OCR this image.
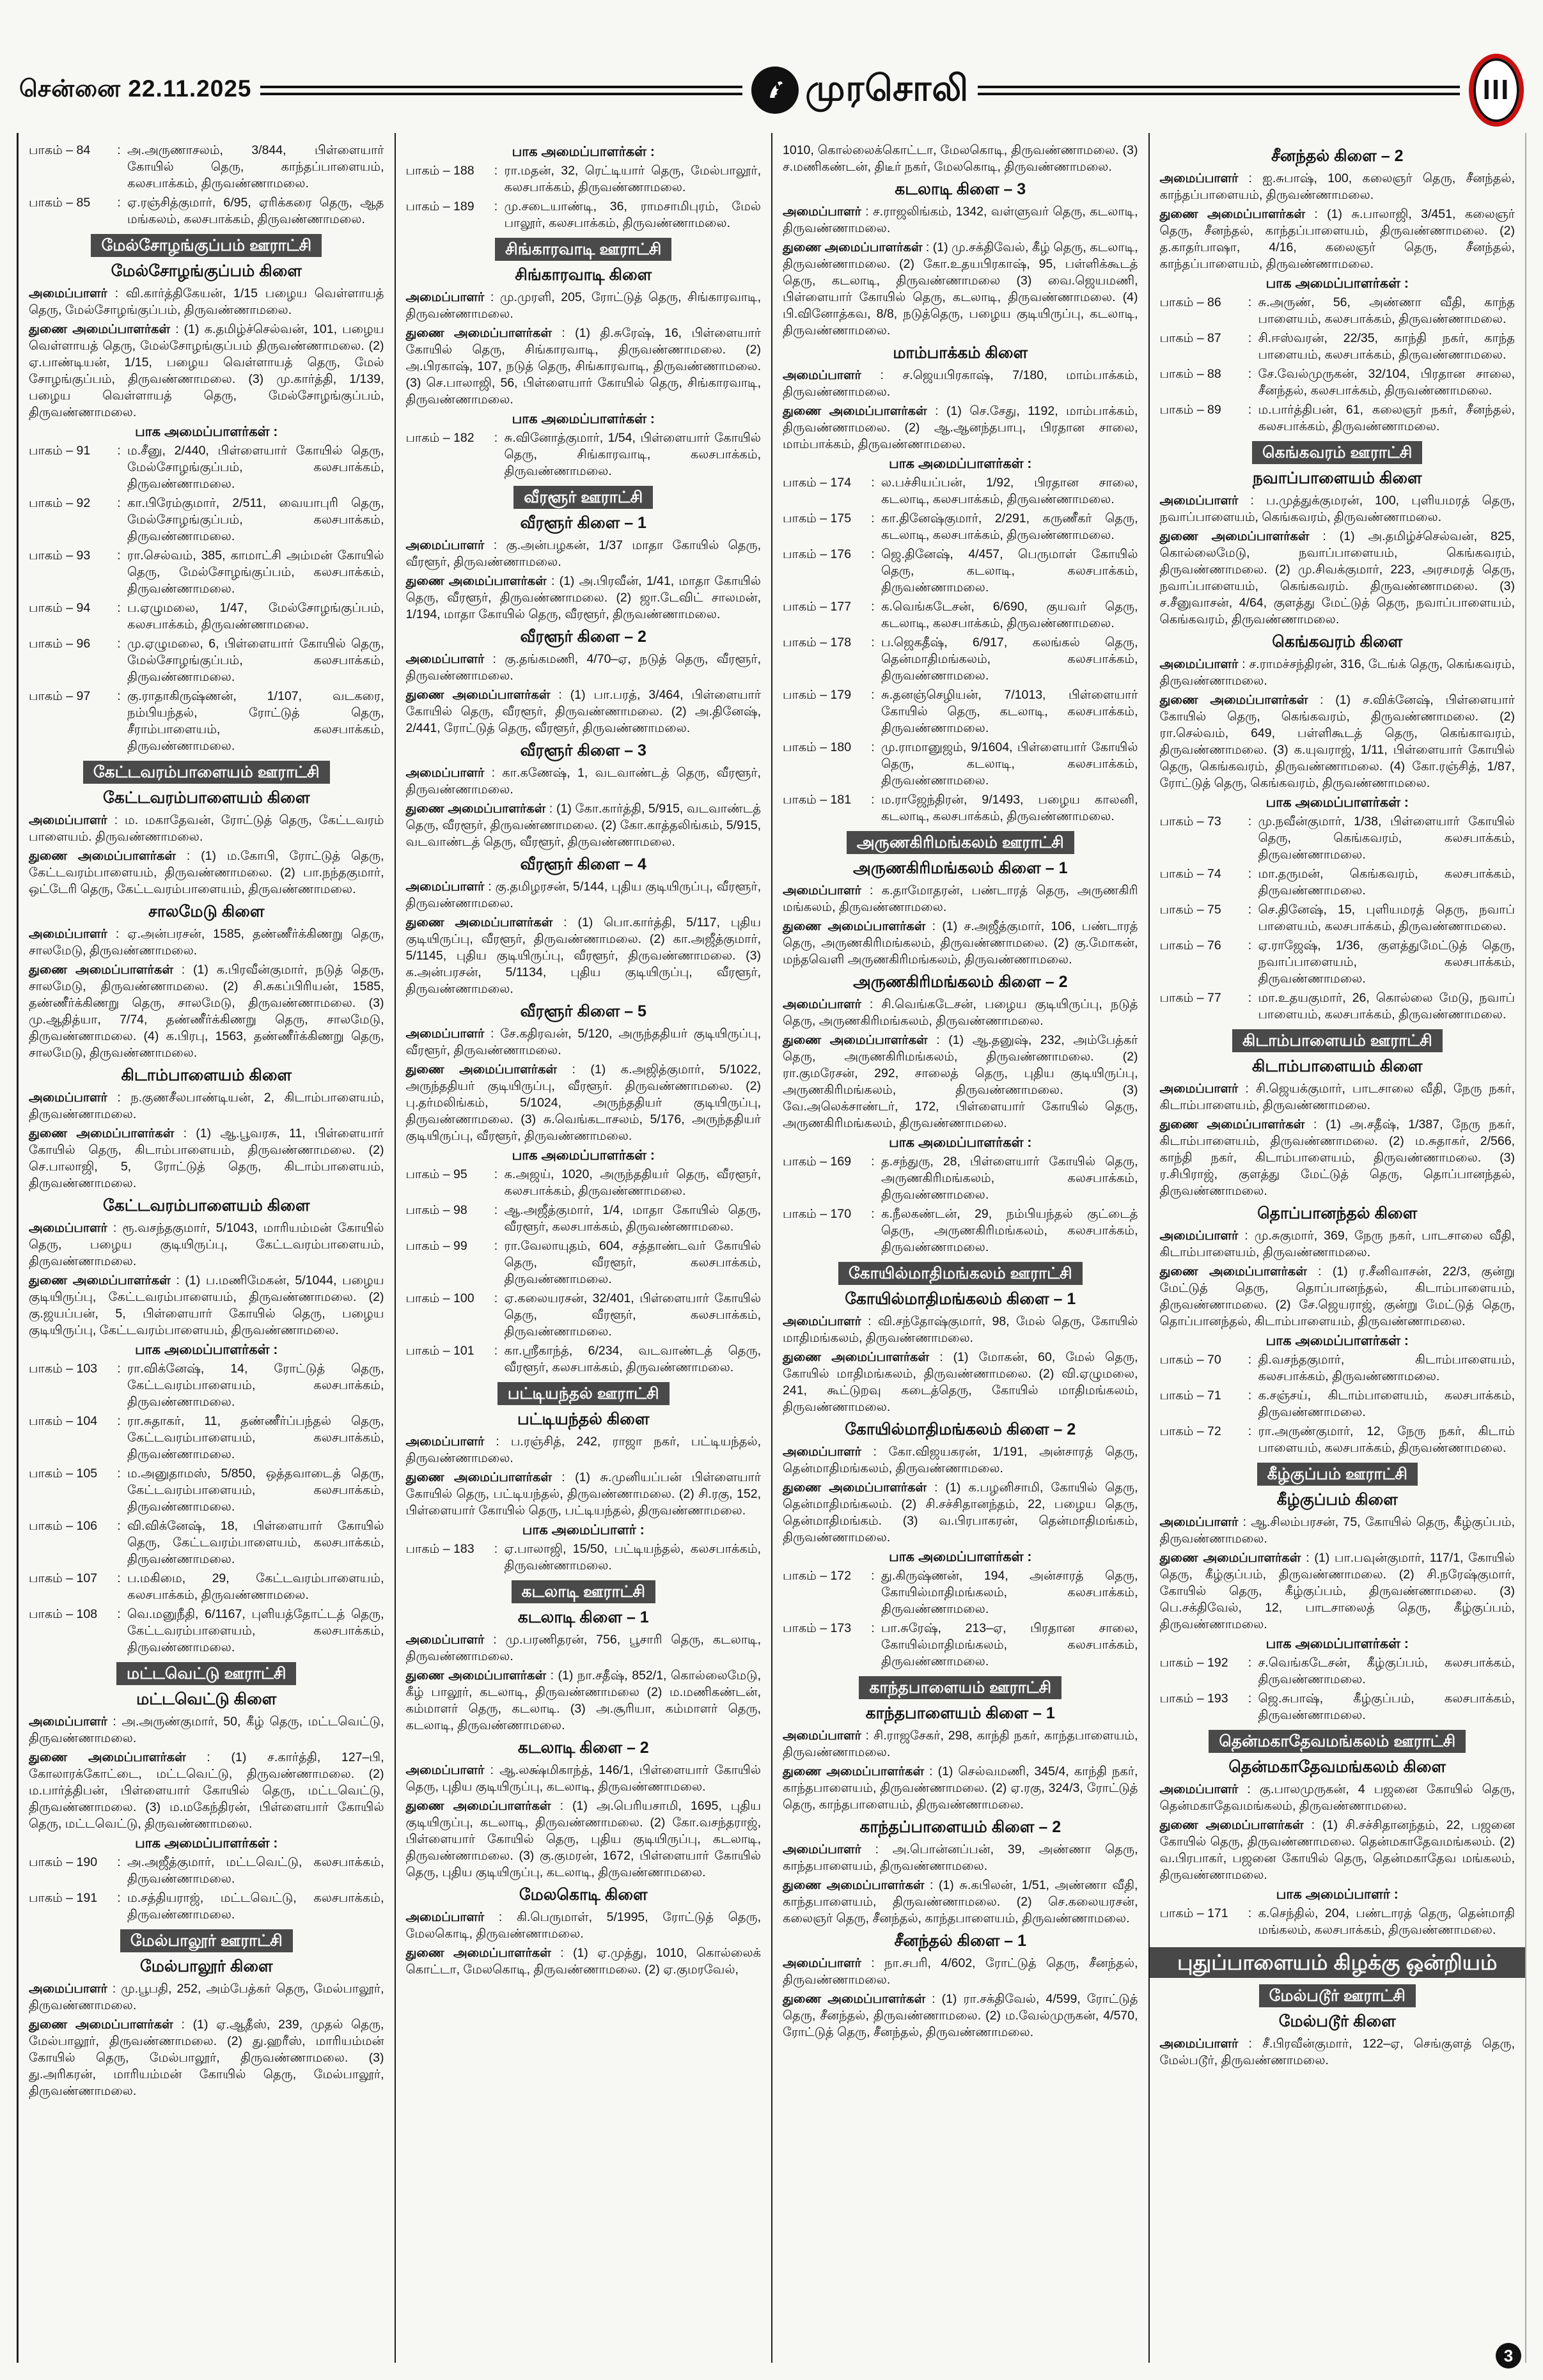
சென்னை 22.11.2025	முரசொலி	III
பாகம் – 84	: அ.அருணாசலம், 3/844, பிள்ளையார் கோயில் தெரு, காந்தப்பாளையம், கலசபாக்கம், திருவண்ணாமலை.
பாகம் – 85	: ஏ.ரஞ்சித்குமார், 6/95, ஏரிக்கரை தெரு, ஆத மங்கலம், கலசபாக்கம், திருவண்ணாமலை.
மேல்சோழங்குப்பம் ஊராட்சி
மேல்சோழங்குப்பம் கிளை

அமைப்பாளர் : வி.கார்த்திகேயன், 1/15 பழைய வெள்ளாயத் தெரு, மேல்சோழங்குப்பம், திருவண்ணாமலை.

துணை அமைப்பாளர்கள் : (1) க.தமிழ்ச்செல்வன், 101, பழைய வெள்ளாயத் தெரு, மேல்சோழங்குப்பம் திருவண்ணாமலை. (2) ஏ.பாண்டியன், 1/15, பழைய வெள்ளாயத் தெரு, மேல் சோழங்குப்பம், திருவண்ணாமலை. (3) மு.கார்த்தி, 1/139, பழைய வெள்ளாயத் தெரு, மேல்சோழங்குப்பம், திருவண்ணாமலை.

பாக அமைப்பாளர்கள் :
பாகம் – 91	: ம.சீனு, 2/440, பிள்ளையார் கோயில் தெரு, மேல்சோழங்குப்பம், கலசபாக்கம், திருவண்ணாமலை.
பாகம் – 92	: கா.பிரேம்குமார், 2/511, வையாபுரி தெரு, மேல்சோழங்குப்பம், கலசபாக்கம், திருவண்ணாமலை.
பாகம் – 93	: ரா.செல்வம், 385, காமாட்சி அம்மன் கோயில் தெரு, மேல்சோழங்குப்பம், கலசபாக்கம், திருவண்ணாமலை.
பாகம் – 94	: ப.ஏழுமலை, 1/47, மேல்சோழங்குப்பம், கலசபாக்கம், திருவண்ணாமலை.
பாகம் – 96	: மு.ஏழுமலை, 6, பிள்ளையார் கோயில் தெரு, மேல்சோழங்குப்பம், கலசபாக்கம், திருவண்ணாமலை.
பாகம் – 97	: கு.ராதாகிருஷ்ணன், 1/107, வடகரை, நம்பியந்தல், ரோட்டுத் தெரு, சீராம்பாளையம், கலசபாக்கம், திருவண்ணாமலை.
கேட்டவரம்பாளையம் ஊராட்சி
கேட்டவரம்பாளையம் கிளை

அமைப்பாளர் : ம. மகாதேவன், ரோட்டுத் தெரு, கேட்டவரம் பாளையம். திருவண்ணாமலை.

துணை அமைப்பாளர்கள் : (1) ம.கோபி, ரோட்டுத் தெரு, கேட்டவரம்பாளையம், திருவண்ணாமலை. (2) பா.நந்தகுமார், ஒட்டேரி தெரு, கேட்டவரம்பாளையம், திருவண்ணாமலை.

சாலமேடு கிளை

அமைப்பாளர் : ஏ.அன்பரசன், 1585, தண்ணீர்க்கிணறு தெரு, சாலமேடு, திருவண்ணாமலை.

துணை அமைப்பாளர்கள் : (1) க.பிரவீன்குமார், நடுத் தெரு, சாலமேடு, திருவண்ணாமலை. (2) சி.சுகப்பிரியன், 1585, தண்ணீர்க்கிணறு தெரு, சாலமேடு, திருவண்ணாமலை. (3) மு.ஆதித்யா, 7/74, தண்ணீர்க்கிணறு தெரு, சாலமேடு, திருவண்ணாமலை. (4) க.பிரபு, 1563, தண்ணீர்க்கிணறு தெரு, சாலமேடு, திருவண்ணாமலை.

கிடாம்பாளையம் கிளை

அமைப்பாளர் : ந.குணசீலபாண்டியன், 2, கிடாம்பாளையம், திருவண்ணாமலை.

துணை அமைப்பாளர்கள் : (1) ஆ.பூவரசு, 11, பிள்ளையார் கோயில் தெரு, கிடாம்பாளையம், திருவண்ணாமலை. (2) செ.பாலாஜி, 5, ரோட்டுத் தெரு, கிடாம்பாளையம், திருவண்ணாமலை.

கேட்டவரம்பாளையம் கிளை

அமைப்பாளர் : ரூ.வசந்தகுமார், 5/1043, மாரியம்மன் கோயில் தெரு, பழைய குடியிருப்பு, கேட்டவரம்பாளையம், திருவண்ணாமலை.

துணை அமைப்பாளர்கள் : (1) ப.மணிமேகன், 5/1044, பழைய குடியிருப்பு, கேட்டவரம்பாளையம், திருவண்ணாமலை. (2) கு.ஜயப்பன், 5, பிள்ளையார் கோயில் தெரு, பழைய குடியிருப்பு, கேட்டவரம்பாளையம், திருவண்ணாமலை.

பாக அமைப்பாளர்கள் :
பாகம் – 103	: ரா.விக்னேஷ், 14, ரோட்டுத் தெரு, கேட்டவரம்பாளையம், கலசபாக்கம், திருவண்ணாமலை.
பாகம் – 104	: ரா.சுதாகர், 11, தண்ணீர்ப்பந்தல் தெரு, கேட்டவரம்பாளையம், கலசபாக்கம், திருவண்ணாமலை.
பாகம் – 105	: ம.அனுதாமஸ், 5/850, ஒத்தவாடைத் தெரு, கேட்டவரம்பாளையம், கலசபாக்கம், திருவண்ணாமலை.
பாகம் – 106	: வி.விக்னேஷ், 18, பிள்ளையார் கோயில் தெரு, கேட்டவரம்பாளையம், கலசபாக்கம், திருவண்ணாமலை.
பாகம் – 107	: ப.மகிமை, 29, கேட்டவரம்பாளையம், கலசபாக்கம், திருவண்ணாமலை.
பாகம் – 108	: வெ.மனுநீதி, 6/1167, புளியத்தோட்டத் தெரு, கேட்டவரம்பாளையம், கலசபாக்கம், திருவண்ணாமலை.
மட்டவெட்டு ஊராட்சி
மட்டவெட்டு கிளை

அமைப்பாளர் : அ.அருண்குமார், 50, கீழ் தெரு, மட்டவெட்டு, திருவண்ணாமலை.

துணை அமைப்பாளர்கள் : (1) ச.கார்த்தி, 127–பி, கோலாரக்கோட்டை, மட்டவெட்டு, திருவண்ணாமலை. (2) ம.பார்த்திபன், பிள்ளையார் கோயில் தெரு, மட்டவெட்டு, திருவண்ணாமலை. (3) ம.மகேந்திரன், பிள்ளையார் கோயில் தெரு, மட்டவெட்டு, திருவண்ணாமலை.

பாக அமைப்பாளர்கள் :
பாகம் – 190	: அ.அஜீத்குமார், மட்டவெட்டு, கலசபாக்கம், திருவண்ணாமலை.
பாகம் – 191	: ம.சத்தியராஜ், மட்டவெட்டு, கலசபாக்கம், திருவண்ணாமலை.
மேல்பாலூர் ஊராட்சி
மேல்பாலூர் கிளை

அமைப்பாளர் : மு.பூபதி, 252, அம்பேத்கர் தெரு, மேல்பாலூர், திருவண்ணாமலை.

துணை அமைப்பாளர்கள் : (1) ஏ.ஆதீஸ், 239, முதல் தெரு, மேல்பாலூர், திருவண்ணாமலை. (2) து.ஹரீஸ், மாரியம்மன் கோயில் தெரு, மேல்பாலூர், திருவண்ணாமலை. (3) து.அரிகரன், மாரியம்மன் கோயில் தெரு, மேல்பாலூர், திருவண்ணாமலை.

பாக அமைப்பாளர்கள் :
பாகம் – 188	: ரா.மதன், 32, ரெட்டியார் தெரு, மேல்பாலூர், கலசபாக்கம், திருவண்ணாமலை.
பாகம் – 189	: மு.சடையாண்டி, 36, ராமசாமிபுரம், மேல் பாலூர், கலசபாக்கம், திருவண்ணாமலை.
சிங்காரவாடி ஊராட்சி
சிங்காரவாடி கிளை

அமைப்பாளர் : மு.முரளி, 205, ரோட்டுத் தெரு, சிங்காரவாடி, திருவண்ணாமலை.

துணை அமைப்பாளர்கள் : (1) தி.சுரேஷ், 16, பிள்ளையார் கோயில் தெரு, சிங்காரவாடி, திருவண்ணாமலை. (2) அ.பிரகாஷ், 107, நடுத் தெரு, சிங்காரவாடி, திருவண்ணாமலை. (3) செ.பாலாஜி, 56, பிள்ளையார் கோயில் தெரு, சிங்காரவாடி, திருவண்ணாமலை.

பாக அமைப்பாளர்கள் :
பாகம் – 182	: சு.வினோத்குமார், 1/54, பிள்ளையார் கோயில் தெரு, சிங்காரவாடி, கலசபாக்கம், திருவண்ணாமலை.
வீரளூர் ஊராட்சி
வீரளூர் கிளை – 1

அமைப்பாளர் : கு.அன்பழகன், 1/37 மாதா கோயில் தெரு, வீரளூர், திருவண்ணாமலை.

துணை அமைப்பாளர்கள் : (1) அ.பிரவீன், 1/41, மாதா கோயில் தெரு, வீரளூர், திருவண்ணாமலை. (2) ஜா.டேவிட் சாலமன், 1/194, மாதா கோயில் தெரு, வீரளூர், திருவண்ணாமலை.

வீரளூர் கிளை – 2

அமைப்பாளர் : கு.தங்கமணி, 4/70–ஏ, நடுத் தெரு, வீரளூர், திருவண்ணாமலை.

துணை அமைப்பாளர்கள் : (1) பா.பரத், 3/464, பிள்ளையார் கோயில் தெரு, வீரளூர், திருவண்ணாமலை. (2) அ.தினேஷ், 2/441, ரோட்டுத் தெரு, வீரளூர், திருவண்ணாமலை.

வீரளூர் கிளை – 3

அமைப்பாளர் : கா.கணேஷ், 1, வடவாண்டத் தெரு, வீரளூர், திருவண்ணாமலை.

துணை அமைப்பாளர்கள் : (1) கோ.கார்த்தி, 5/915, வடவாண்டத் தெரு, வீரளூர், திருவண்ணாமலை. (2) கோ.காத்தலிங்கம், 5/915, வடவாண்டத் தெரு, வீரளூர், திருவண்ணாமலை.

வீரளூர் கிளை – 4

அமைப்பாளர் : கு.தமிழரசன், 5/144, புதிய குடியிருப்பு, வீரளூர், திருவண்ணாமலை.

துணை அமைப்பாளர்கள் : (1) பொ.கார்த்தி, 5/117, புதிய குடியிருப்பு, வீரளூர், திருவண்ணாமலை. (2) கா.அஜீத்குமார், 5/1145, புதிய குடியிருப்பு, வீரளூர், திருவண்ணாமலை. (3) க.அன்பரசன், 5/1134, புதிய குடியிருப்பு, வீரளூர், திருவண்ணாமலை.

வீரளூர் கிளை – 5

அமைப்பாளர் : சே.கதிரவன், 5/120, அருந்ததியர் குடியிருப்பு, வீரளூர், திருவண்ணாமலை.

துணை அமைப்பாளர்கள் : (1) க.அஜித்குமார், 5/1022, அருந்ததியர் குடியிருப்பு, வீரளூர். திருவண்ணாமலை. (2) பு.தர்மலிங்கம், 5/1024, அருந்ததியர் குடியிருப்பு, திருவண்ணாமலை. (3) சு.வெங்கடாசலம், 5/176, அருந்ததியர் குடியிருப்பு, வீரளூர், திருவண்ணாமலை.

பாக அமைப்பாளர்கள் :
பாகம் – 95	: க.அஜய், 1020, அருந்ததியர் தெரு, வீரளூர், கலசபாக்கம், திருவண்ணாமலை.
பாகம் – 98	: ஆ.அஜீத்குமார், 1/4, மாதா கோயில் தெரு, வீரளூர், கலசபாக்கம், திருவண்ணாமலை.
பாகம் – 99	: ரா.வேலாயுதம், 604, சத்தாண்டவர் கோயில் தெரு, வீரளூர், கலசபாக்கம், திருவண்ணாமலை.
பாகம் – 100	: ஏ.கலையரசன், 32/401, பிள்ளையார் கோயில் தெரு, வீரளூர், கலசபாக்கம், திருவண்ணாமலை.
பாகம் – 101	: கா.ஸ்ரீகாந்த், 6/234, வடவாண்டத் தெரு, வீரளூர், கலசபாக்கம், திருவண்ணாமலை.
பட்டியந்தல் ஊராட்சி
பட்டியந்தல் கிளை

அமைப்பாளர் : ப.ரஞ்சித், 242, ராஜா நகர், பட்டியந்தல், திருவண்ணாமலை.

துணை அமைப்பாளர்கள் : (1) சு.முனியப்பன் பிள்ளையார் கோயில் தெரு, பட்டியந்தல், திருவண்ணாமலை. (2) சி.ரகு, 152, பிள்ளையார் கோயில் தெரு, பட்டியந்தல், திருவண்ணாமலை.

பாக அமைப்பாளர் :
பாகம் – 183	: ஏ.பாலாஜி, 15/50, பட்டியந்தல், கலசபாக்கம், திருவண்ணாமலை.
கடலாடி ஊராட்சி
கடலாடி கிளை – 1

அமைப்பாளர் : மு.பரணிதரன், 756, பூசாரி தெரு, கடலாடி, திருவண்ணாமலை.

துணை அமைப்பாளர்கள் : (1) நா.சதீஷ், 852/1, கொல்லைமேடு, கீழ் பாலூர், கடலாடி, திருவண்ணாமலை (2) ம.மணிகண்டன், கம்மாளர் தெரு, கடலாடி. (3) அ.சூரியா, கம்மாளர் தெரு, கடலாடி, திருவண்ணாமலை.

கடலாடி கிளை – 2

அமைப்பாளர் : ஆ.லக்ஷ்மிகாந்த், 146/1, பிள்ளையார் கோயில் தெரு, புதிய குடியிருப்பு, கடலாடி, திருவண்ணாமலை.

துணை அமைப்பாளர்கள் : (1) அ.பெரியசாமி, 1695, புதிய குடியிருப்பு, கடலாடி, திருவண்ணாமலை. (2) கோ.வசந்தராஜ், பிள்ளையார் கோயில் தெரு, புதிய குடியிருப்பு, கடலாடி, திருவண்ணாமலை. (3) கு.குமரன், 1672, பிள்ளையார் கோயில் தெரு, புதிய குடியிருப்பு, கடலாடி, திருவண்ணாமலை.

மேலகொடி கிளை

அமைப்பாளர் : கி.பெருமாள், 5/1995, ரோட்டுத் தெரு, மேலகொடி, திருவண்ணாமலை.

துணை அமைப்பாளர்கள் : (1) ஏ.முத்து, 1010, கொல்லைக் கொட்டா, மேலகொடி, திருவண்ணாமலை. (2) ஏ.குமரவேல்,

1010, கொல்லைக்கொட்டா, மேலகொடி, திருவண்ணாமலை. (3) ச.மணிகண்டன், திடீர் நகர், மேலகொடி, திருவண்ணாமலை.

கடலாடி கிளை – 3

அமைப்பாளர் : ச.ராஜலிங்கம், 1342, வள்ளுவர் தெரு, கடலாடி, திருவண்ணாமலை.

துணை அமைப்பாளர்கள் : (1) மு.சக்திவேல், கீழ் தெரு, கடலாடி, திருவண்ணாமலை. (2) கோ.உதயபிரகாஷ், 95, பள்ளிக்கூடத் தெரு, கடலாடி, திருவண்ணாமலை (3) வை.ஜெயமணி, பிள்ளையார் கோயில் தெரு, கடலாடி, திருவண்ணாமலை. (4) பி.வினோத்கவ, 8/8, நடுத்தெரு, பழைய குடியிருப்பு, கடலாடி, திருவண்ணாமலை.

மாம்பாக்கம் கிளை

அமைப்பாளர் : ச.ஜெயபிரகாஷ், 7/180, மாம்பாக்கம், திருவண்ணாமலை.

துணை அமைப்பாளர்கள் : (1) செ.சேது, 1192, மாம்பாக்கம், திருவண்ணாமலை. (2) ஆ.ஆனந்தபாபு, பிரதான சாலை, மாம்பாக்கம், திருவண்ணாமலை.

பாக அமைப்பாளர்கள் :
பாகம் – 174	: ல.பச்சியப்பன், 1/92, பிரதான சாலை, கடலாடி, கலசபாக்கம், திருவண்ணாமலை.
பாகம் – 175	: கா.தினேஷ்குமார், 2/291, கருணீகர் தெரு, கடலாடி, கலசபாக்கம், திருவண்ணாமலை.
பாகம் – 176	: ஜெ.தினேஷ், 4/457, பெருமாள் கோயில் தெரு, கடலாடி, கலசபாக்கம், திருவண்ணாமலை.
பாகம் – 177	: க.வெங்கடேசன், 6/690, குயவர் தெரு, கடலாடி, கலசபாக்கம், திருவண்ணாமலை.
பாகம் – 178	: ப.ஜெகதீஷ், 6/917, கலங்கல் தெரு, தென்மாதிமங்கலம், கலசபாக்கம், திருவண்ணாமலை.
பாகம் – 179	: சு.தனஞ்செழியன், 7/1013, பிள்ளையார் கோயில் தெரு, கடலாடி, கலசபாக்கம், திருவண்ணாமலை.
பாகம் – 180	: மு.ராமானுஜம், 9/1604, பிள்ளையார் கோயில் தெரு, கடலாடி, கலசபாக்கம், திருவண்ணாமலை.
பாகம் – 181	: ம.ராஜேந்திரன், 9/1493, பழைய காலனி, கடலாடி, கலசபாக்கம், திருவண்ணாமலை.
அருணகிரிமங்கலம் ஊராட்சி
அருணகிரிமங்கலம் கிளை – 1

அமைப்பாளர் : க.தாமோதரன், பண்டாரத் தெரு, அருணகிரி மங்கலம், திருவண்ணாமலை.

துணை அமைப்பாளர்கள் : (1) ச.அஜீத்குமார், 106, பண்டாரத் தெரு, அருணகிரிமங்கலம், திருவண்ணாமலை. (2) கு.மோகன், மந்தவெளி அருணகிரிமங்கலம், திருவண்ணாமலை.

அருணகிரிமங்கலம் கிளை – 2

அமைப்பாளர் : சி.வெங்கடேசன், பழைய குடியிருப்பு, நடுத் தெரு, அருணகிரிமங்கலம், திருவண்ணாமலை.

துணை அமைப்பாளர்கள் : (1) ஆ.தனுஷ், 232, அம்பேத்கர் தெரு, அருணகிரிமங்கலம், திருவண்ணாமலை. (2) ரா.குமரேசன், 292, சாலைத் தெரு, புதிய குடியிருப்பு, அருணகிரிமங்கலம், திருவண்ணாமலை. (3) வே.அலெக்சாண்டர், 172, பிள்ளையார் கோயில் தெரு, அருணகிரிமங்கலம், திருவண்ணாமலை.

பாக அமைப்பாளர்கள் :
பாகம் – 169	: த.சந்துரு, 28, பிள்ளையார் கோயில் தெரு, அருணகிரிமங்கலம், கலசபாக்கம், திருவண்ணாமலை.
பாகம் – 170	: க.நீலகண்டன், 29, நம்பியந்தல் குட்டைத் தெரு, அருணகிரிமங்கலம், கலசபாக்கம், திருவண்ணாமலை.
கோயில்மாதிமங்கலம் ஊராட்சி
கோயில்மாதிமங்கலம் கிளை – 1

அமைப்பாளர் : வி.சந்தோஷ்குமார், 98, மேல் தெரு, கோயில் மாதிமங்கலம், திருவண்ணாமலை.

துணை அமைப்பாளர்கள் : (1) மோகன், 60, மேல் தெரு, கோயில் மாதிமங்கலம், திருவண்ணாமலை. (2) வி.ஏழுமலை, 241, கூட்டுறவு கடைத்தெரு, கோயில் மாதிமங்கலம், திருவண்ணாமலை.

கோயில்மாதிமங்கலம் கிளை – 2

அமைப்பாளர் : கோ.விஜயகரன், 1/191, அன்சாரத் தெரு, தென்மாதிமங்கலம், திருவண்ணாமலை.

துணை அமைப்பாளர்கள் : (1) க.பழனிசாமி, கோயில் தெரு, தென்மாதிமங்கலம். (2) சி.சச்சிதானந்தம், 22, பழைய தெரு, தென்மாதிமங்கம். (3) வ.பிரபாகரன், தென்மாதிமங்கம், திருவண்ணாமலை.

பாக அமைப்பாளர்கள் :
பாகம் – 172	: து.கிருஷ்ணன், 194, அன்சாரத் தெரு, கோயில்மாதிமங்கலம், கலசபாக்கம், திருவண்ணாமலை.
பாகம் – 173	: பா.சுரேஷ், 213–ஏ, பிரதான சாலை, கோயில்மாதிமங்கலம், கலசபாக்கம், திருவண்ணாமலை.
காந்தபாளையம் ஊராட்சி
காந்தபாளையம் கிளை – 1

அமைப்பாளர் : சி.ராஜசேகர், 298, காந்தி நகர், காந்தபாளையம், திருவண்ணாமலை.

துணை அமைப்பாளர்கள் : (1) செல்வமணி, 345/4, காந்தி நகர், காந்தபாளையம், திருவண்ணாமலை. (2) ஏ.ரகு, 324/3, ரோட்டுத் தெரு, காந்தபாளையம், திருவண்ணாமலை.

காந்தப்பாளையம் கிளை – 2

அமைப்பாளர் : அ.பொன்னப்பன், 39, அண்ணா தெரு, காந்தபாளையம், திருவண்ணாமலை.

துணை அமைப்பாளர்கள் : (1) சு.கபிலன், 1/51, அண்ணா வீதி, காந்தபாளையம், திருவண்ணாமலை. (2) செ.கலையரசன், கலைஞர் தெரு, சீனந்தல், காந்தபாளையம், திருவண்ணாமலை.

சீனந்தல் கிளை – 1

அமைப்பாளர் : நா.சபரி, 4/602, ரோட்டுத் தெரு, சீனந்தல், திருவண்ணாமலை.

துணை அமைப்பாளர்கள் : (1) ரா.சக்திவேல், 4/599, ரோட்டுத் தெரு, சீனந்தல், திருவண்ணாமலை. (2) ம.வேல்முருகன், 4/570, ரோட்டுத் தெரு, சீனந்தல், திருவண்ணாமலை.

சீனந்தல் கிளை – 2

அமைப்பாளர் : ஐ.சுபாஷ், 100, கலைஞர் தெரு, சீனந்தல், காந்தப்பாளையம், திருவண்ணாமலை.

துணை அமைப்பாளர்கள் : (1) சு.பாலாஜி, 3/451, கலைஞர் தெரு, சீனந்தல், காந்தப்பாளையம், திருவண்ணாமலை. (2) த.காதர்பாஷா, 4/16, கலைஞர் தெரு, சீனந்தல், காந்தப்பாளையம், திருவண்ணாமலை.

பாக அமைப்பாளர்கள் :
பாகம் – 86	: சு.அருண், 56, அண்ணா வீதி, காந்த பாளையம், கலசபாக்கம், திருவண்ணாமலை.
பாகம் – 87	: சி.ஈஸ்வரன், 22/35, காந்தி நகர், காந்த பாளையம், கலசபாக்கம், திருவண்ணாமலை.
பாகம் – 88	: சே.வேல்முருகன், 32/104, பிரதான சாலை, சீனந்தல், கலசபாக்கம், திருவண்ணாமலை.
பாகம் – 89	: ம.பார்த்திபன், 61, கலைஞர் நகர், சீனந்தல், கலசபாக்கம், திருவண்ணாமலை.
கெங்கவரம் ஊராட்சி
நவாப்பாளையம் கிளை

அமைப்பாளர் : ப.முத்துக்குமரன், 100, புளியமரத் தெரு, நவாப்பாளையம், கெங்கவரம், திருவண்ணாமலை.

துணை அமைப்பாளர்கள் : (1) அ.தமிழ்ச்செல்வன், 825, கொல்லைமேடு, நவாப்பாளையம், கெங்கவரம், திருவண்ணாமலை. (2) மு.சிவக்குமார், 223, அரசமரத் தெரு, நவாப்பாளையம், கெங்கவரம். திருவண்ணாமலை. (3) ச.சீனுவாசன், 4/64, குளத்து மேட்டுத் தெரு, நவாப்பாளையம், கெங்கவரம், திருவண்ணாமலை.

கெங்கவரம் கிளை

அமைப்பாளர் : ச.ராமச்சந்திரன், 316, டேங்க் தெரு, கெங்கவரம், திருவண்ணாமலை.

துணை அமைப்பாளர்கள் : (1) ச.விக்னேஷ், பிள்ளையார் கோயில் தெரு, கெங்கவரம், திருவண்ணாமலை. (2) ரா.செல்வம், 649, பள்ளிகூடத் தெரு, கெங்காவரம், திருவண்ணாமலை. (3) க.யுவராஜ், 1/11, பிள்ளையார் கோயில் தெரு, கெங்கவரம், திருவண்ணாமலை. (4) கோ.ரஞ்சித், 1/87, ரோட்டுத் தெரு, கெங்கவரம், திருவண்ணாமலை.

பாக அமைப்பாளர்கள் :
பாகம் – 73	: மு.நவீன்குமார், 1/38, பிள்ளையார் கோயில் தெரு, கெங்கவரம், கலசபாக்கம், திருவண்ணாமலை.
பாகம் – 74	: மா.தருமன், கெங்கவரம், கலசபாக்கம், திருவண்ணாமலை.
பாகம் – 75	: செ.தினேஷ், 15, புளியமரத் தெரு, நவாப் பாளையம், கலசபாக்கம், திருவண்ணாமலை.
பாகம் – 76	: ஏ.ராஜேஷ், 1/36, குளத்துமேட்டுத் தெரு, நவாப்பாளையம், கலசபாக்கம், திருவண்ணாமலை.
பாகம் – 77	: மா.உதயகுமார், 26, கொல்லை மேடு, நவாப் பாளையம், கலசபாக்கம், திருவண்ணாமலை.
கிடாம்பாளையம் ஊராட்சி
கிடாம்பாளையம் கிளை

அமைப்பாளர் : சி.ஜெயக்குமார், பாடசாலை வீதி, நேரு நகர், கிடாம்பாளையம், திருவண்ணாமலை.

துணை அமைப்பாளர்கள் : (1) அ.சதீஷ், 1/387, நேரு நகர், கிடாம்பாளையம், திருவண்ணாமலை. (2) ம.சுதாகர், 2/566, காந்தி நகர், கிடாம்பாளையம், திருவண்ணாமலை. (3) ர.சிபிராஜ், குளத்து மேட்டுத் தெரு, தொப்பானந்தல், திருவண்ணாமலை.

தொப்பானந்தல் கிளை

அமைப்பாளர் : மு.சுகுமார், 369, நேரு நகர், பாடசாலை வீதி, கிடாம்பாளையம், திருவண்ணாமலை.

துணை அமைப்பாளர்கள் : (1) ர.சீனிவாசன், 22/3, குன்று மேட்டுத் தெரு, தொப்பானந்தல், கிடாம்பாளையம், திருவண்ணாமலை. (2) சே.ஜெயராஜ், குன்று மேட்டுத் தெரு, தொப்பானந்தல், கிடாம்பாளையம், திருவண்ணாமலை.

பாக அமைப்பாளர்கள் :
பாகம் – 70	: தி.வசந்தகுமார், கிடாம்பாளையம், கலசபாக்கம், திருவண்ணாமலை.
பாகம் – 71	: க.சஞ்சய், கிடாம்பாளையம், கலசபாக்கம், திருவண்ணாமலை.
பாகம் – 72	: ரா.அருண்குமார், 12, நேரு நகர், கிடாம் பாளையம், கலசபாக்கம், திருவண்ணாமலை.
கீழ்குப்பம் ஊராட்சி
கீழ்குப்பம் கிளை

அமைப்பாளர் : ஆ.சிலம்பரசன், 75, கோயில் தெரு, கீழ்குப்பம், திருவண்ணாமலை.

துணை அமைப்பாளர்கள் : (1) பா.பவுன்குமார், 117/1, கோயில் தெரு, கீழ்குப்பம், திருவண்ணாமலை. (2) சி.நரேஷ்குமார், கோயில் தெரு, கீழ்குப்பம், திருவண்ணாமலை. (3) பெ.சக்திவேல், 12, பாடசாலைத் தெரு, கீழ்குப்பம், திருவண்ணாமலை.

பாக அமைப்பாளர்கள் :
பாகம் – 192	: ச.வெங்கடேசன், கீழ்குப்பம், கலசபாக்கம், திருவண்ணாமலை.
பாகம் – 193	: ஜெ.சுபாஷ், கீழ்குப்பம், கலசபாக்கம், திருவண்ணாமலை.
தென்மகாதேவமங்கலம் ஊராட்சி
தென்மகாதேவமங்கலம் கிளை

அமைப்பாளர் : கு.பாலமுருகன், 4 பஜனை கோயில் தெரு, தென்மகாதேவமங்கலம், திருவண்ணாமலை.

துணை அமைப்பாளர்கள் : (1) சி.சச்சிதானந்தம், 22, பஜனை கோயில் தெரு, திருவண்ணாமலை. தென்மகாதேவமங்கலம். (2) வ.பிரபாகர், பஜனை கோயில் தெரு, தென்மகாதேவ மங்கலம், திருவண்ணாமலை.

பாக அமைப்பாளர் :
பாகம் – 171	: க.செந்தில், 204, பண்டாரத் தெரு, தென்மாதி மங்கலம், கலசபாக்கம், திருவண்ணாமலை.
புதுப்பாளையம் கிழக்கு ஒன்றியம்
மேல்படூர் ஊராட்சி
மேல்படூர் கிளை

அமைப்பாளர் : சீ.பிரவீன்குமார், 122–ஏ, செங்குளத் தெரு, மேல்படூர், திருவண்ணாமலை.

3
